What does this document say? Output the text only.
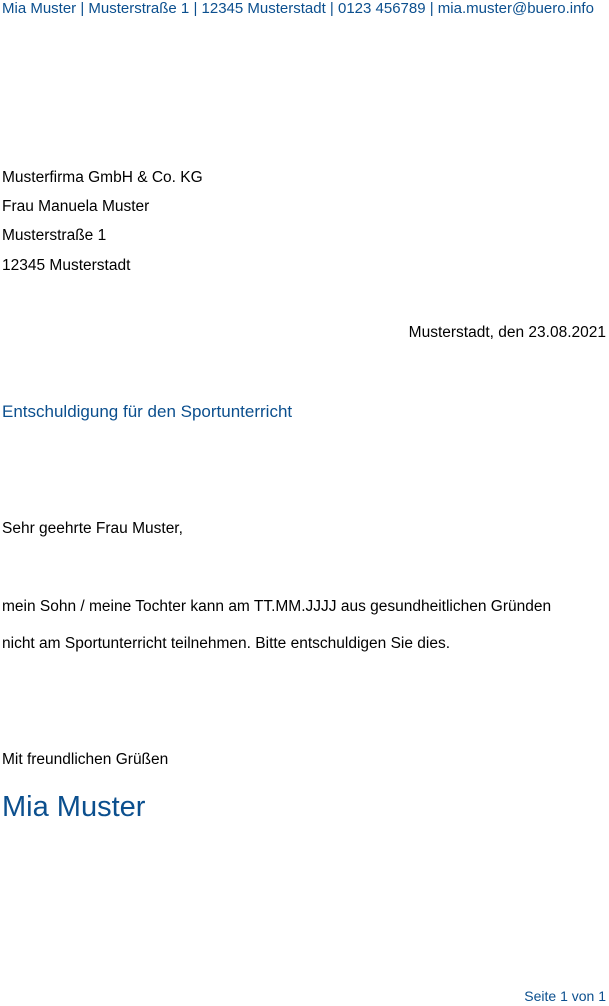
Mia Muster | Musterstraße 1 | 12345 Musterstadt | 0123 456789 | mia.muster@buero.info
Musterfirma GmbH & Co. KG
Frau Manuela Muster
Musterstraße 1
12345 Musterstadt
Musterstadt, den 23.08.2021
Entschuldigung für den Sportunterricht
Sehr geehrte Frau Muster,
mein Sohn / meine Tochter kann am TT.MM.JJJJ aus gesundheitlichen Gründen
nicht am Sportunterricht teilnehmen. Bitte entschuldigen Sie dies.
Mit freundlichen Grüßen
Mia Muster
Seite 1 von 1
